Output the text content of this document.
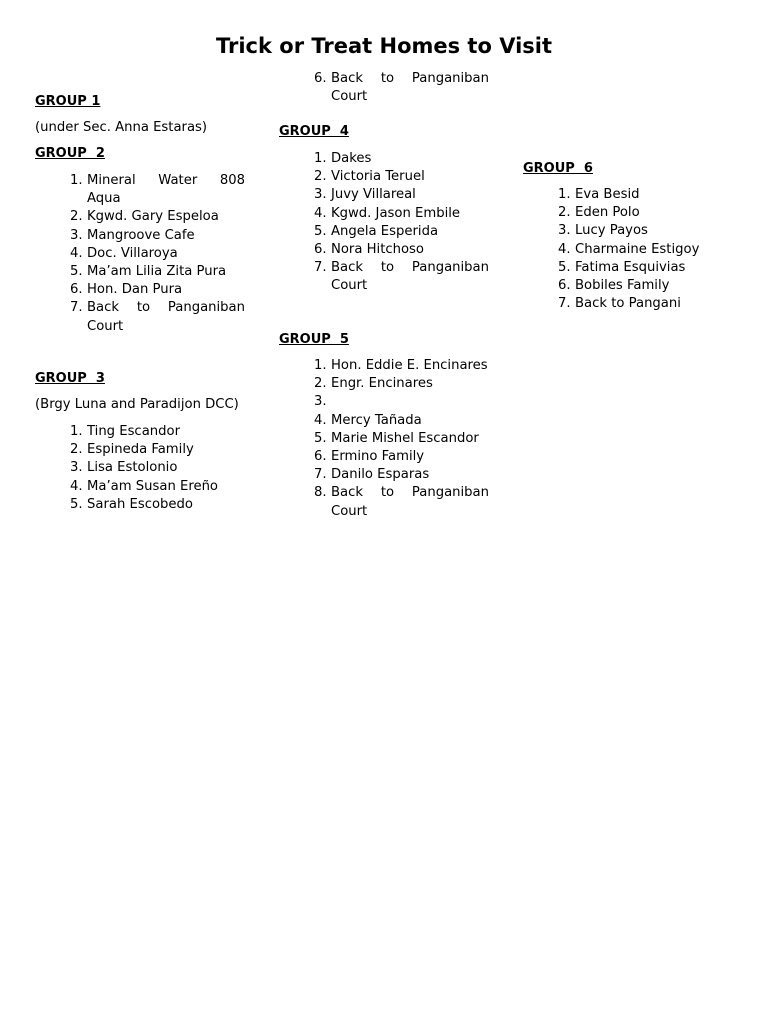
Trick or Treat Homes to Visit
GROUP 1
(under Sec. Anna Estaras)
GROUP  2
1. Mineral Water 808 Aqua
2. Kgwd. Gary Espeloa
3. Mangroove Cafe
4. Doc. Villaroya
5. Ma’am Lilia Zita Pura
6. Hon. Dan Pura
7. Back to Panganiban Court
GROUP  3
(Brgy Luna and Paradijon DCC)
1. Ting Escandor
2. Espineda Family
3. Lisa Estolonio
4. Ma’am Susan Ereño
5. Sarah Escobedo
6. Back to Panganiban Court
GROUP  4
1. Dakes
2. Victoria Teruel
3. Juvy Villareal
4. Kgwd. Jason Embile
5. Angela Esperida
6. Nora Hitchoso
7. Back to Panganiban Court
GROUP  5
1. Hon. Eddie E. Encinares
2. Engr. Encinares
3.
4. Mercy Tañada
5. Marie Mishel Escandor
6. Ermino Family
7. Danilo Esparas
8. Back to Panganiban Court
GROUP  6
1. Eva Besid
2. Eden Polo
3. Lucy Payos
4. Charmaine Estigoy
5. Fatima Esquivias
6. Bobiles Family
7. Back to Pangani
